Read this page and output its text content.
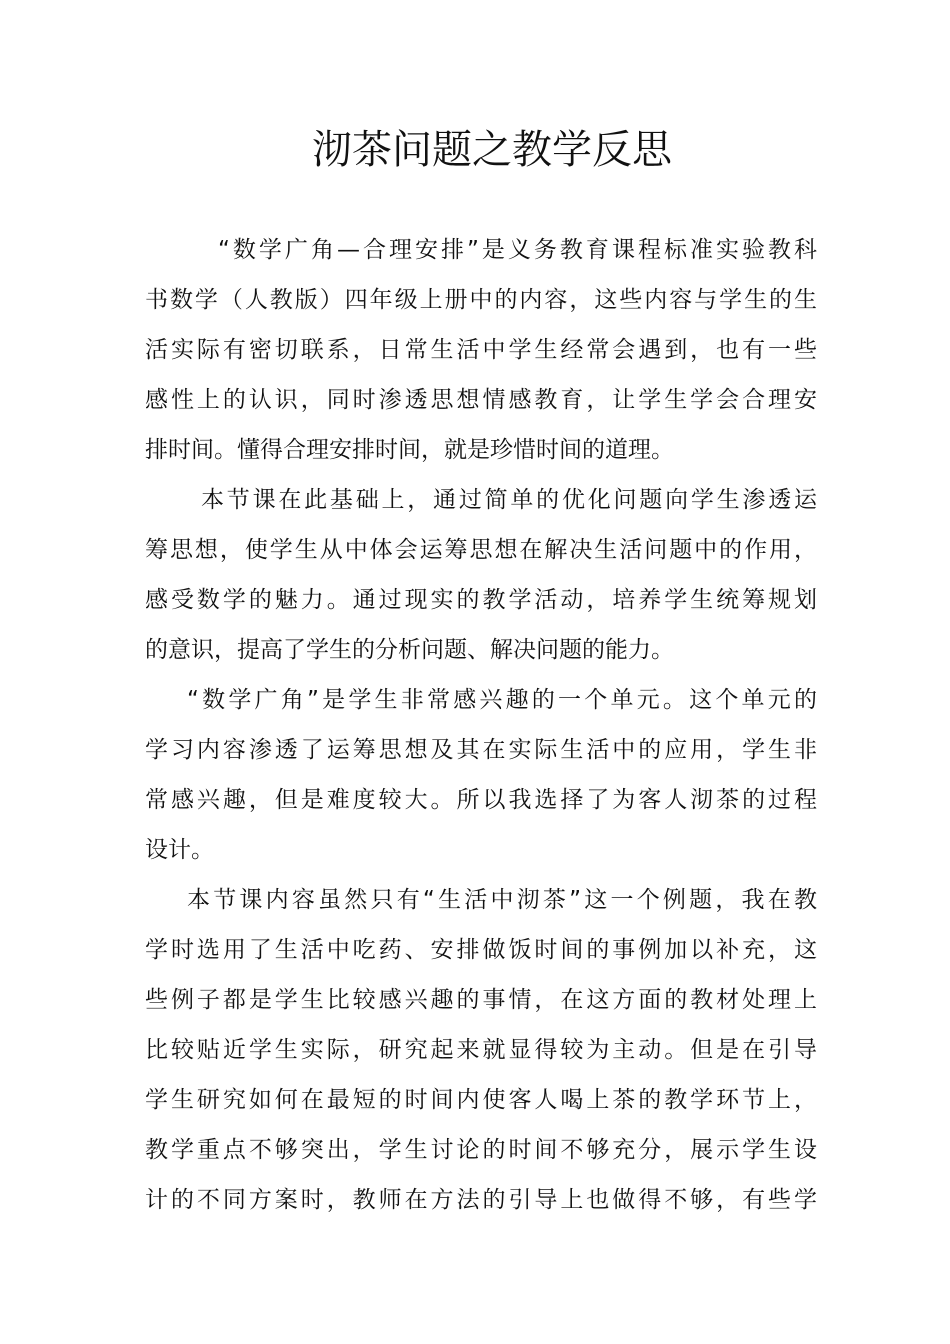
沏茶问题之教学反思
“数学广角—合理安排”是义务教育课程标准实验教科
书数学（人教版）四年级上册中的内容，这些内容与学生的生
活实际有密切联系，日常生活中学生经常会遇到，也有一些
感性上的认识，同时渗透思想情感教育，让学生学会合理安
排时间。懂得合理安排时间，就是珍惜时间的道理。
本节课在此基础上，通过简单的优化问题向学生渗透运
筹思想，使学生从中体会运筹思想在解决生活问题中的作用，
感受数学的魅力。通过现实的教学活动，培养学生统筹规划
的意识，提高了学生的分析问题、解决问题的能力。
“数学广角”是学生非常感兴趣的一个单元。这个单元的
学习内容渗透了运筹思想及其在实际生活中的应用，学生非
常感兴趣，但是难度较大。所以我选择了为客人沏茶的过程
设计。
本节课内容虽然只有“生活中沏茶”这一个例题，我在教
学时选用了生活中吃药、安排做饭时间的事例加以补充，这
些例子都是学生比较感兴趣的事情，在这方面的教材处理上
比较贴近学生实际，研究起来就显得较为主动。但是在引导
学生研究如何在最短的时间内使客人喝上茶的教学环节上，
教学重点不够突出，学生讨论的时间不够充分，展示学生设
计的不同方案时，教师在方法的引导上也做得不够，有些学
